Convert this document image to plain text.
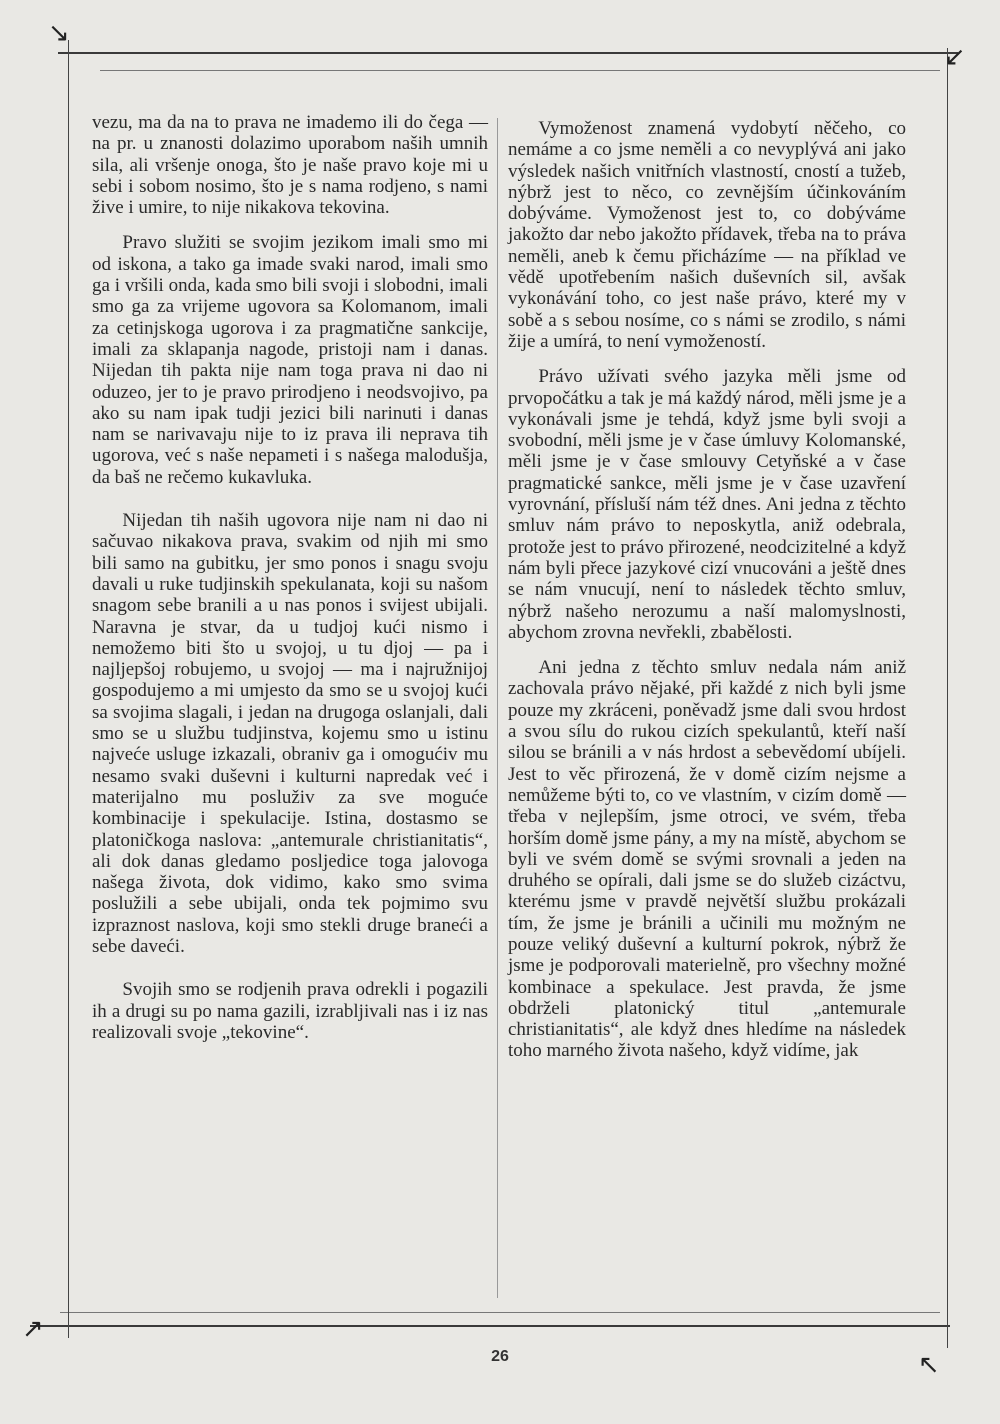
↘
↙
↗
↖

vezu, ma da na to prava ne imademo ili do čega — na pr. u znanosti dolazimo uporabom naših umnih sila, ali vršenje onoga, što je naše pravo koje mi u sebi i sobom nosimo, što je s nama rodjeno, s nami žive i umire, to nije nikakova tekovina.

Pravo služiti se svojim jezikom imali smo mi od iskona, a tako ga imade svaki narod, imali smo ga i vršili onda, kada smo bili svoji i slobodni, imali smo ga za vrijeme ugovora sa Kolomanom, imali za cetinjskoga ugorova i za pragmatične sankcije, imali za sklapanja nagode, pristoji nam i danas. Nijedan tih pakta nije nam toga prava ni dao ni oduzeo, jer to je pravo prirodjeno i neodsvojivo, pa ako su nam ipak tudji jezici bili narinuti i danas nam se narivavaju nije to iz prava ili neprava tih ugorova, već s naše nepameti i s našega malodušja, da baš ne rečemo kukavluka.

Nijedan tih naših ugovora nije nam ni dao ni sačuvao nikakova prava, svakim od njih mi smo bili samo na gubitku, jer smo ponos i snagu svoju davali u ruke tudjinskih spekulanata, koji su našom snagom sebe branili a u nas ponos i svijest ubijali. Naravna je stvar, da u tudjoj kući nismo i nemožemo biti što u svojoj, u tu djoj — pa i najljepšoj robujemo, u svojoj — ma i najružnijoj gospodujemo a mi umjesto da smo se u svojoj kući sa svojima slagali, i jedan na drugoga oslanjali, dali smo se u službu tudjinstva, kojemu smo u istinu najveće usluge izkazali, obraniv ga i omogućiv mu nesamo svaki duševni i kulturni napredak već i materijalno mu posluživ za sve moguće kombinacije i spekulacije. Istina, dostasmo se platoničkoga naslova: „antemurale christianitatis“, ali dok danas gledamo posljedice toga jalovoga našega života, dok vidimo, kako smo svima poslužili a sebe ubijali, onda tek pojmimo svu izpraznost naslova, koji smo stekli druge braneći a sebe daveći.

Svojih smo se rodjenih prava odrekli i pogazili ih a drugi su po nama gazili, izrabljivali nas i iz nas realizovali svoje „tekovine“.

Vymoženost znamená vydobytí něčeho, co nemáme a co jsme neměli a co nevyplývá ani jako výsledek našich vnitřních vlastností, cností a tužeb, nýbrž jest to něco, co zevnějším účinkováním dobýváme. Vymoženost jest to, co dobýváme jakožto dar nebo jakožto přídavek, třeba na to práva neměli, aneb k čemu přicházíme — na příklad ve vědě upotřebením našich duševních sil, avšak vykonávání toho, co jest naše právo, které my v sobě a s sebou nosíme, co s námi se zrodilo, s námi žije a umírá, to není vymožeností.

Právo užívati svého jazyka měli jsme od prvopočátku a tak je má každý národ, měli jsme je a vykonávali jsme je tehdá, když jsme byli svoji a svobodní, měli jsme je v čase úmluvy Kolomanské, měli jsme je v čase smlouvy Cetyňské a v čase pragmatické sankce, měli jsme je v čase uzavření vyrovnání, přísluší nám též dnes. Ani jedna z těchto smluv nám právo to neposkytla, aniž odebrala, protože jest to právo přirozené, neodcizitelné a když nám byli přece jazykové cizí vnucováni a ještě dnes se nám vnucují, není to následek těchto smluv, nýbrž našeho nerozumu a naší malomyslnosti, abychom zrovna nevřekli, zbabělosti.

Ani jedna z těchto smluv nedala nám aniž zachovala právo nějaké, při každé z nich byli jsme pouze my zkráceni, poněvadž jsme dali svou hrdost a svou sílu do rukou cizích spekulantů, kteří naší silou se bránili a v nás hrdost a sebevědomí ubíjeli. Jest to věc přirozená, že v domě cizím nejsme a nemůžeme býti to, co ve vlastním, v cizím domě — třeba v nejlepším, jsme otroci, ve svém, třeba horším domě jsme pány, a my na místě, abychom se byli ve svém domě se svými srovnali a jeden na druhého se opírali, dali jsme se do služeb cizáctvu, kterému jsme v pravdě největší službu prokázali tím, že jsme je bránili a učinili mu možným ne pouze veliký duševní a kulturní pokrok, nýbrž že jsme je podporovali materielně, pro všechny možné kombinace a spekulace. Jest pravda, že jsme obdrželi platonický titul „antemurale christianitatis“, ale když dnes hledíme na následek toho marného života našeho, když vidíme, jak

26
